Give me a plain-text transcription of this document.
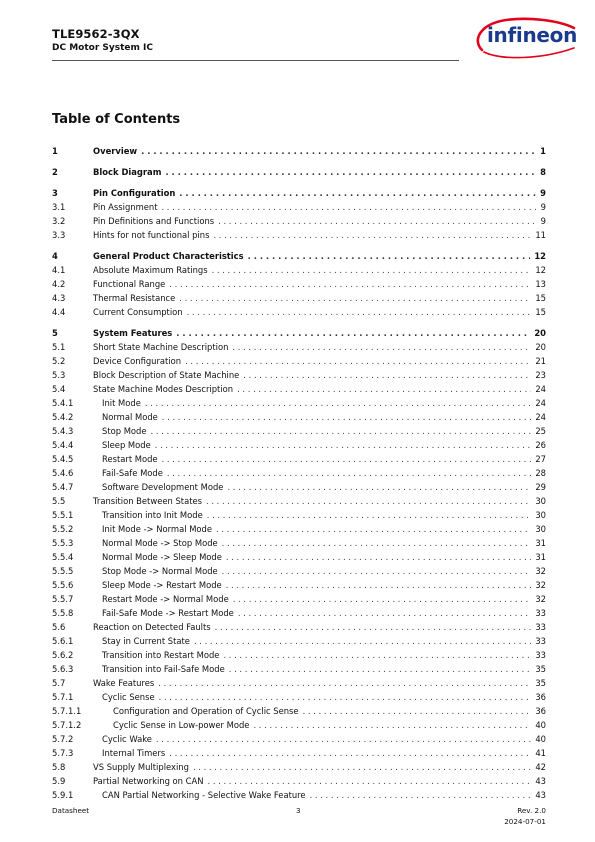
TLE9562-3QX
DC Motor System IC
infineon
Table of Contents
1	Overview . . .	1
2	Block Diagram . . .	8
3	Pin Configuration . . .	9
3.1	Pin Assignment . . .	9
3.2	Pin Definitions and Functions . . .	9
3.3	Hints for not functional pins . . .	11
4	General Product Characteristics . . .	12
4.1	Absolute Maximum Ratings . . .	12
4.2	Functional Range . . .	13
4.3	Thermal Resistance . . .	15
4.4	Current Consumption . . .	15
5	System Features . . .	20
5.1	Short State Machine Description . . .	20
5.2	Device Configuration . . .	21
5.3	Block Description of State Machine . . .	23
5.4	State Machine Modes Description . . .	24
5.4.1	Init Mode . . .	24
5.4.2	Normal Mode . . .	24
5.4.3	Stop Mode . . .	25
5.4.4	Sleep Mode . . .	26
5.4.5	Restart Mode . . .	27
5.4.6	Fail-Safe Mode . . .	28
5.4.7	Software Development Mode . . .	29
5.5	Transition Between States . . .	30
5.5.1	Transition into Init Mode . . .	30
5.5.2	Init Mode -> Normal Mode . . .	30
5.5.3	Normal Mode -> Stop Mode . . .	31
5.5.4	Normal Mode -> Sleep Mode . . .	31
5.5.5	Stop Mode -> Normal Mode . . .	32
5.5.6	Sleep Mode -> Restart Mode . . .	32
5.5.7	Restart Mode -> Normal Mode . . .	32
5.5.8	Fail-Safe Mode -> Restart Mode . . .	33
5.6	Reaction on Detected Faults . . .	33
5.6.1	Stay in Current State . . .	33
5.6.2	Transition into Restart Mode . . .	33
5.6.3	Transition into Fail-Safe Mode . . .	35
5.7	Wake Features . . .	35
5.7.1	Cyclic Sense . . .	36
5.7.1.1	Configuration and Operation of Cyclic Sense . . .	36
5.7.1.2	Cyclic Sense in Low-power Mode . . .	40
5.7.2	Cyclic Wake . . .	40
5.7.3	Internal Timers . . .	41
5.8	VS Supply Multiplexing . . .	42
5.9	Partial Networking on CAN . . .	43
5.9.1	CAN Partial Networking - Selective Wake Feature . . .	43
Datasheet	3	Rev. 2.0
2024-07-01
